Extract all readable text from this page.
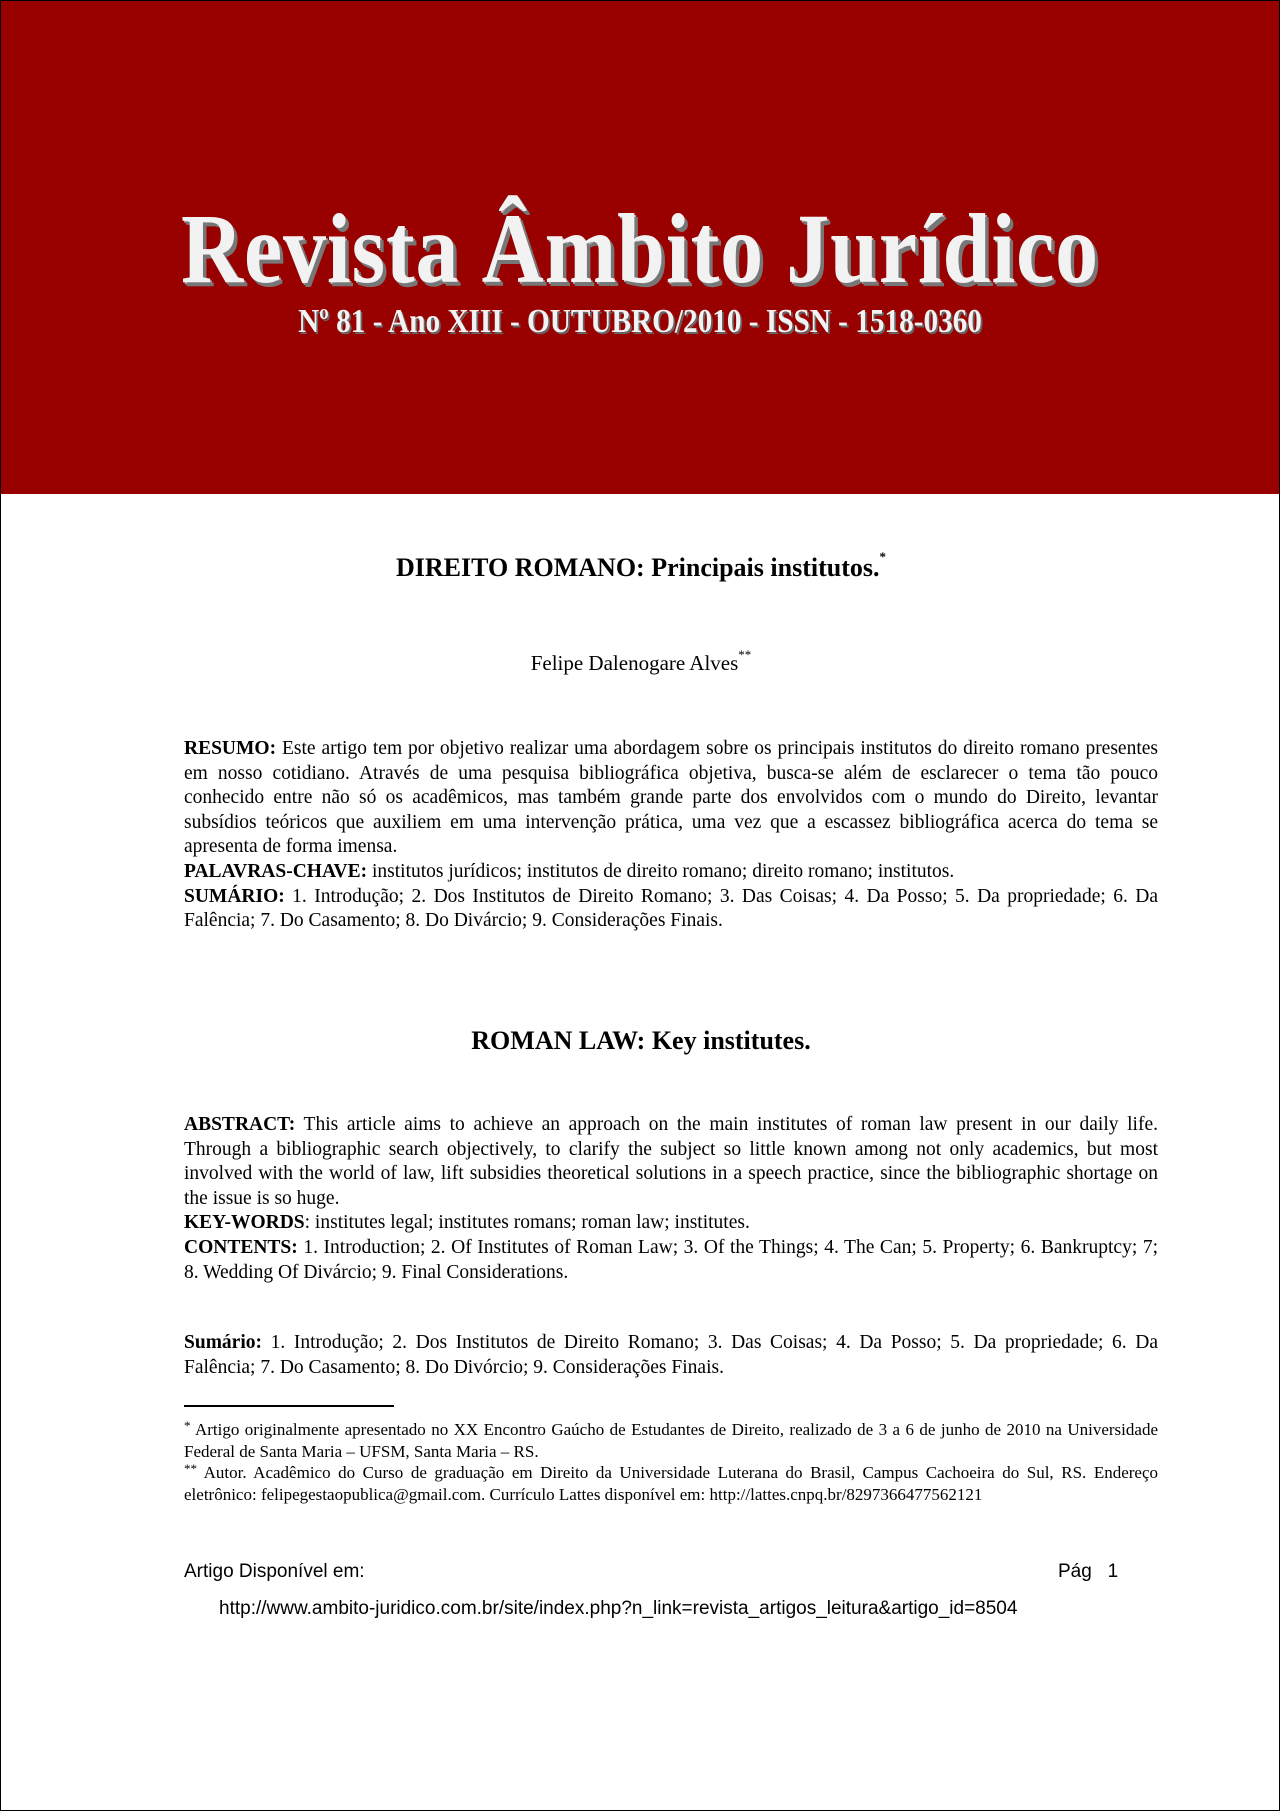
Revista Âmbito Jurídico
Nº 81 - Ano XIII - OUTUBRO/2010 - ISSN - 1518-0360
DIREITO ROMANO: Principais institutos.*
Felipe Dalenogare Alves**

RESUMO: Este artigo tem por objetivo realizar uma abordagem sobre os principais institutos do direito romano presentes em nosso cotidiano. Através de uma pesquisa bibliográfica objetiva, busca-se além de esclarecer o tema tão pouco conhecido entre não só os acadêmicos, mas também grande parte dos envolvidos com o mundo do Direito, levantar subsídios teóricos que auxiliem em uma intervenção prática, uma vez que a escassez bibliográfica acerca do tema se apresenta de forma imensa.

PALAVRAS-CHAVE: institutos jurídicos; institutos de direito romano; direito romano; institutos.

SUMÁRIO: 1. Introdução; 2. Dos Institutos de Direito Romano; 3. Das Coisas; 4. Da Posso; 5. Da propriedade; 6. Da Falência; 7. Do Casamento; 8. Do Divárcio; 9. Considerações Finais.

ROMAN LAW: Key institutes.

ABSTRACT: This article aims to achieve an approach on the main institutes of roman law present in our daily life. Through a bibliographic search objectively, to clarify the subject so little known among not only academics, but most involved with the world of law, lift subsidies theoretical solutions in a speech practice, since the bibliographic shortage on the issue is so huge.

KEY-WORDS: institutes legal; institutes romans; roman law; institutes.

CONTENTS: 1. Introduction; 2. Of Institutes of Roman Law; 3. Of the Things; 4. The Can; 5. Property; 6. Bankruptcy; 7; 8. Wedding Of Divárcio; 9. Final Considerations.

Sumário: 1. Introdução; 2. Dos Institutos de Direito Romano; 3. Das Coisas; 4. Da Posso; 5. Da propriedade; 6. Da Falência; 7. Do Casamento; 8. Do Divórcio; 9. Considerações Finais.

* Artigo originalmente apresentado no XX Encontro Gaúcho de Estudantes de Direito, realizado de 3 a 6 de junho de 2010 na Universidade Federal de Santa Maria – UFSM, Santa Maria – RS.

** Autor. Acadêmico do Curso de graduação em Direito da Universidade Luterana do Brasil, Campus Cachoeira do Sul, RS. Endereço eletrônico: felipegestaopublica@gmail.com. Currículo Lattes disponível em: http://lattes.cnpq.br/8297366477562121

Artigo Disponível em:	Pág 1
http://www.ambito-juridico.com.br/site/index.php?n_link=revista_artigos_leitura&artigo_id=8504
